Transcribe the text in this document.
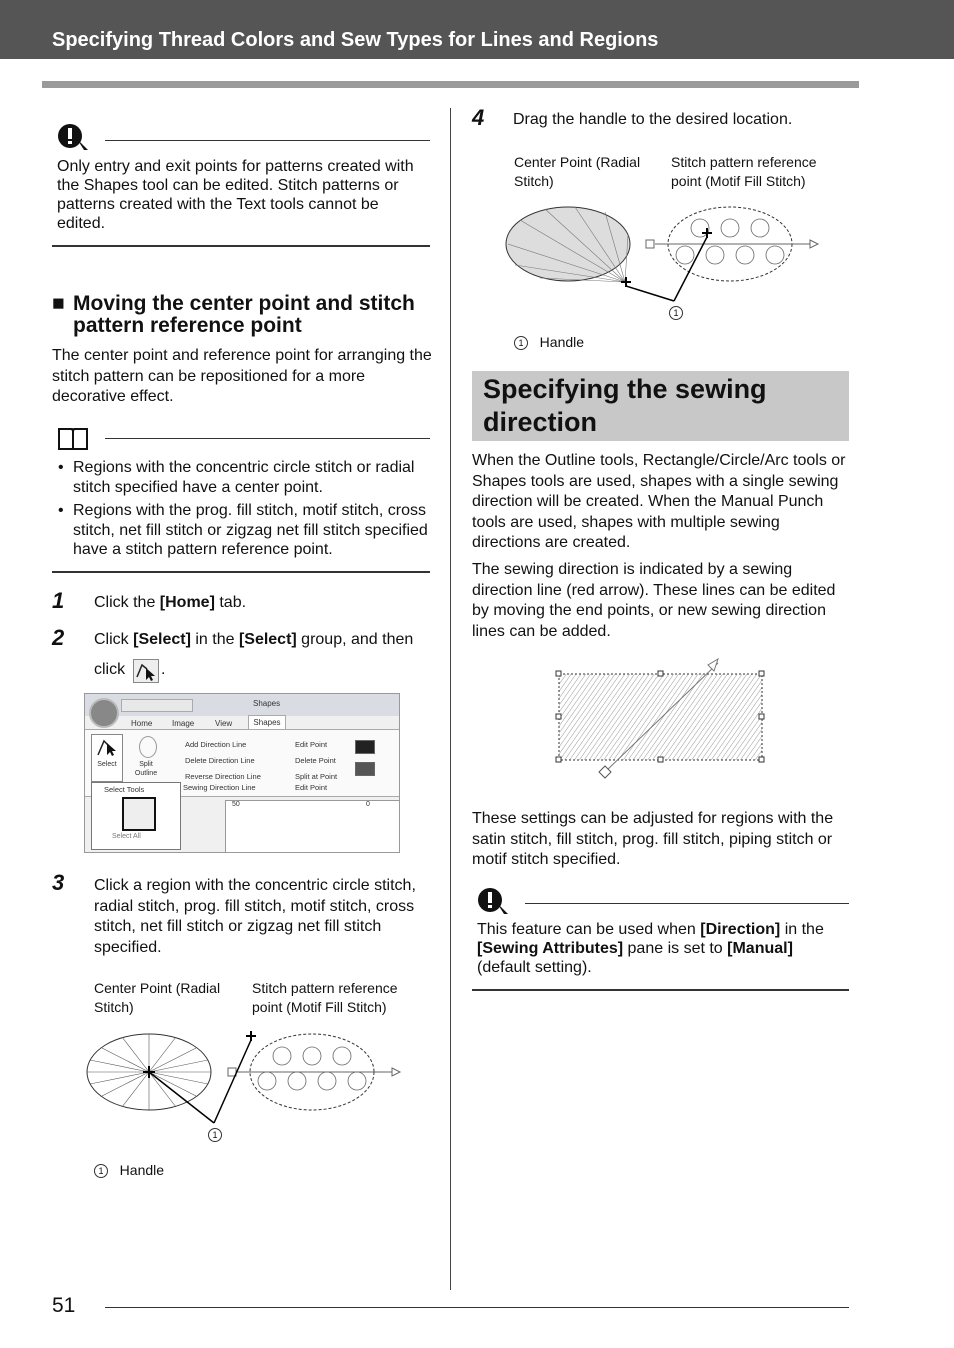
Specifying Thread Colors and Sew Types for Lines and Regions

Only entry and exit points for patterns created with the Shapes tool can be edited. Stitch patterns or patterns created with the Text tools cannot be edited.

■ Moving the center point and stitch pattern reference point

The center point and reference point for arranging the stitch pattern can be repositioned for a more decorative effect.

• Regions with the concentric circle stitch or radial stitch specified have a center point.
• Regions with the prog. fill stitch, motif stitch, cross stitch, net fill stitch or zigzag net fill stitch specified have a stitch pattern reference point.
1 Click the [Home] tab.
2 Click [Select] in the [Select] group, and then
click .
Shapes
Home Image	View	Shapes
Select	Split Outline
Add Direction Line
Delete Direction Line
Reverse Direction Line
Sewing Direction Line
Edit Point
Delete Point
Split at Point
Edit Point
Select Tools
Select All
50	0
3 Click a region with the concentric circle stitch, radial stitch, prog. fill stitch, motif stitch, cross stitch, net fill stitch or zigzag net fill stitch specified.

Center Point (Radial Stitch)
Stitch pattern reference point (Motif Fill Stitch)
1
1 Handle
4 Drag the handle to the desired location.
Center Point (Radial Stitch)
Stitch pattern reference point (Motif Fill Stitch)
1
1 Handle
Specifying the sewing direction

When the Outline tools, Rectangle/Circle/Arc tools or Shapes tools are used, shapes with a single sewing direction will be created. When the Manual Punch tools are used, shapes with multiple sewing directions are created.

The sewing direction is indicated by a sewing direction line (red arrow). These lines can be edited by moving the end points, or new sewing direction lines can be added.

These settings can be adjusted for regions with the satin stitch, fill stitch, prog. fill stitch, piping stitch or motif stitch specified.

This feature can be used when [Direction] in the [Sewing Attributes] pane is set to [Manual] (default setting).

51
